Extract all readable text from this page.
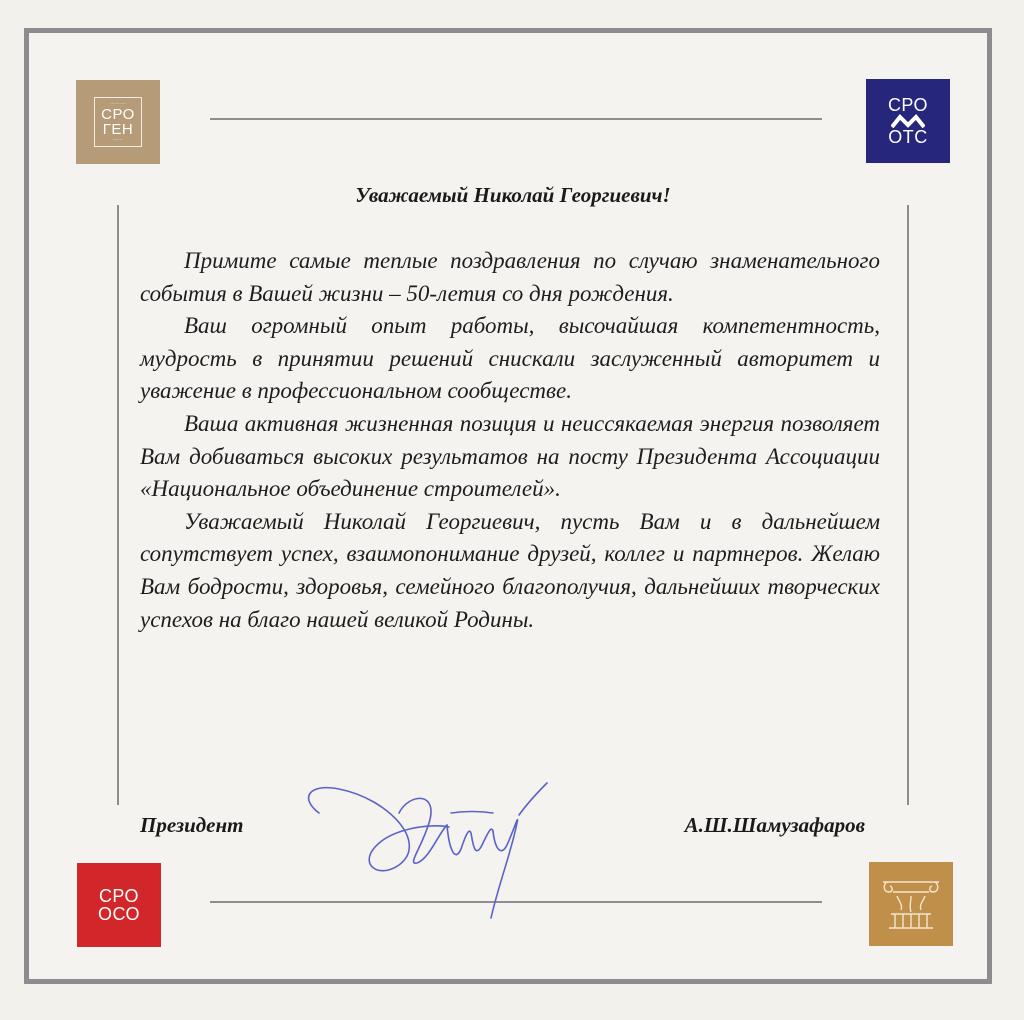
··········
СРО
ГЕН
······
СРО
ОТС
СРО
ОСО
Уважаемый Николай Георгиевич!

Примите самые теплые поздравления по случаю знаменательного события в Вашей жизни – 50-летия со дня рождения.

Ваш огромный опыт работы, высочайшая компетентность, мудрость в принятии решений снискали заслуженный авторитет и уважение в профессиональном сообществе.

Ваша активная жизненная позиция и неиссякаемая энергия позволяет Вам добиваться высоких результатов на посту Президента Ассоциации «Национальное объединение строителей».

Уважаемый Николай Георгиевич, пусть Вам и в дальнейшем сопутствует успех, взаимопонимание друзей, коллег и партнеров. Желаю Вам бодрости, здоровья, семейного благополучия, дальнейших творческих успехов на благо нашей великой Родины.

Президент	А.Ш.Шамузафаров
